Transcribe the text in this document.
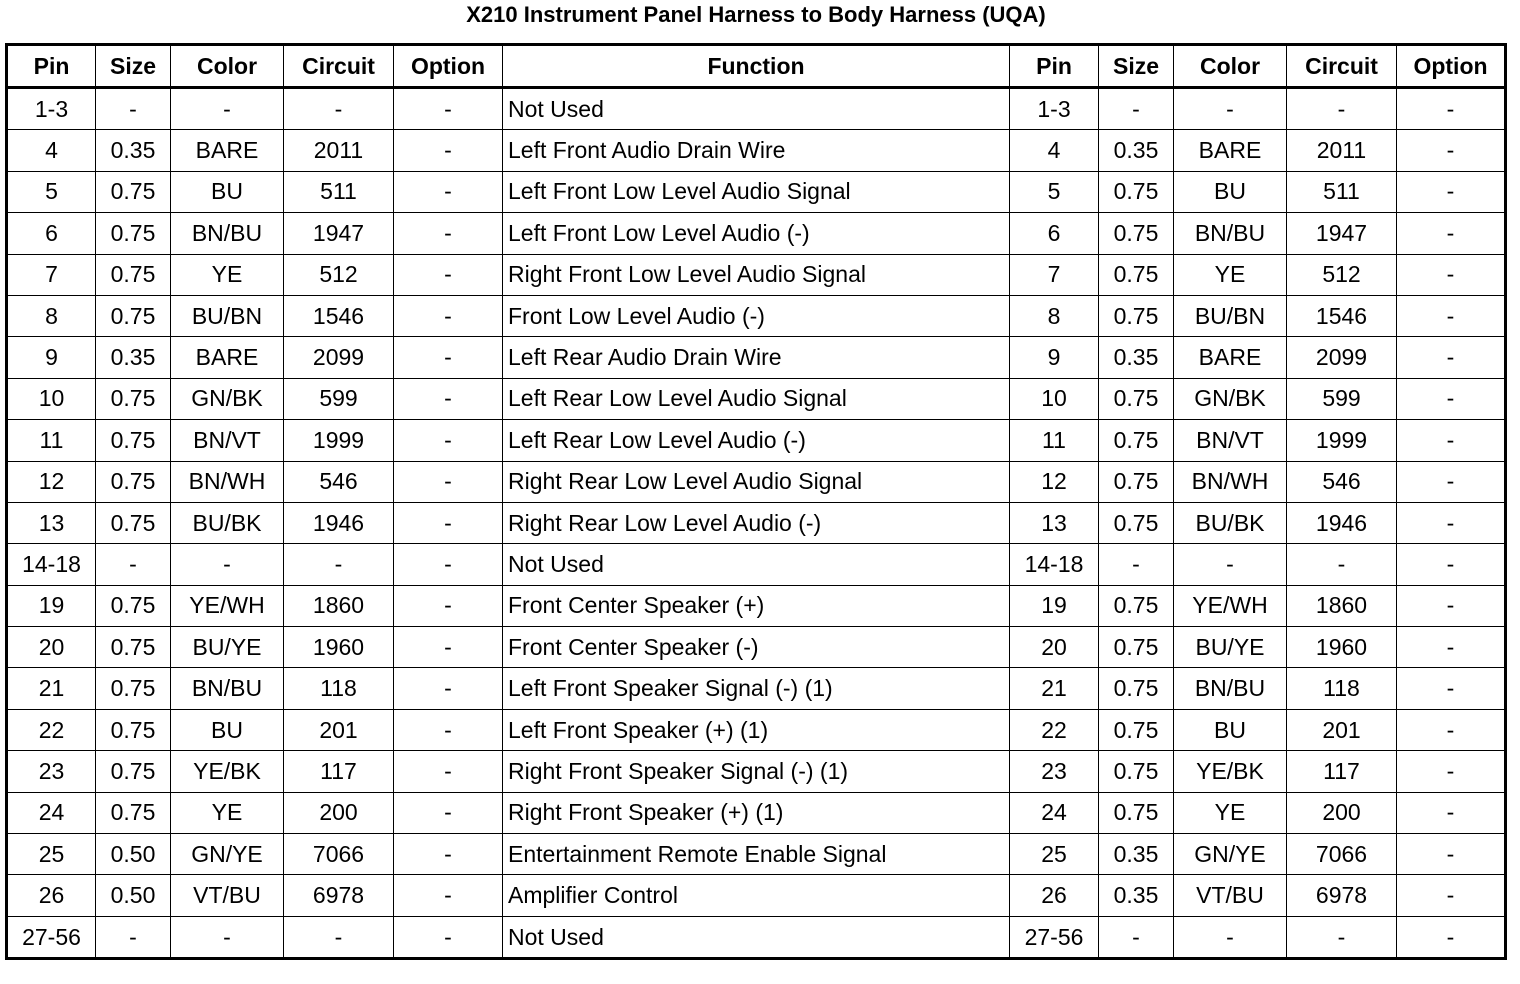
X210 Instrument Panel Harness to Body Harness (UQA)
Pin	Size	Color	Circuit	Option	Function	Pin	Size	Color	Circuit	Option
1-3	-	-	-	-	Not Used	1-3	-	-	-	-
4	0.35	BARE	2011	-	Left Front Audio Drain Wire	4	0.35	BARE	2011	-
5	0.75	BU	511	-	Left Front Low Level Audio Signal	5	0.75	BU	511	-
6	0.75	BN/BU	1947	-	Left Front Low Level Audio (-)	6	0.75	BN/BU	1947	-
7	0.75	YE	512	-	Right Front Low Level Audio Signal	7	0.75	YE	512	-
8	0.75	BU/BN	1546	-	Front Low Level Audio (-)	8	0.75	BU/BN	1546	-
9	0.35	BARE	2099	-	Left Rear Audio Drain Wire	9	0.35	BARE	2099	-
10	0.75	GN/BK	599	-	Left Rear Low Level Audio Signal	10	0.75	GN/BK	599	-
11	0.75	BN/VT	1999	-	Left Rear Low Level Audio (-)	11	0.75	BN/VT	1999	-
12	0.75	BN/WH	546	-	Right Rear Low Level Audio Signal	12	0.75	BN/WH	546	-
13	0.75	BU/BK	1946	-	Right Rear Low Level Audio (-)	13	0.75	BU/BK	1946	-
14-18	-	-	-	-	Not Used	14-18	-	-	-	-
19	0.75	YE/WH	1860	-	Front Center Speaker (+)	19	0.75	YE/WH	1860	-
20	0.75	BU/YE	1960	-	Front Center Speaker (-)	20	0.75	BU/YE	1960	-
21	0.75	BN/BU	118	-	Left Front Speaker Signal (-) (1)	21	0.75	BN/BU	118	-
22	0.75	BU	201	-	Left Front Speaker (+) (1)	22	0.75	BU	201	-
23	0.75	YE/BK	117	-	Right Front Speaker Signal (-) (1)	23	0.75	YE/BK	117	-
24	0.75	YE	200	-	Right Front Speaker (+) (1)	24	0.75	YE	200	-
25	0.50	GN/YE	7066	-	Entertainment Remote Enable Signal	25	0.35	GN/YE	7066	-
26	0.50	VT/BU	6978	-	Amplifier Control	26	0.35	VT/BU	6978	-
27-56	-	-	-	-	Not Used	27-56	-	-	-	-
